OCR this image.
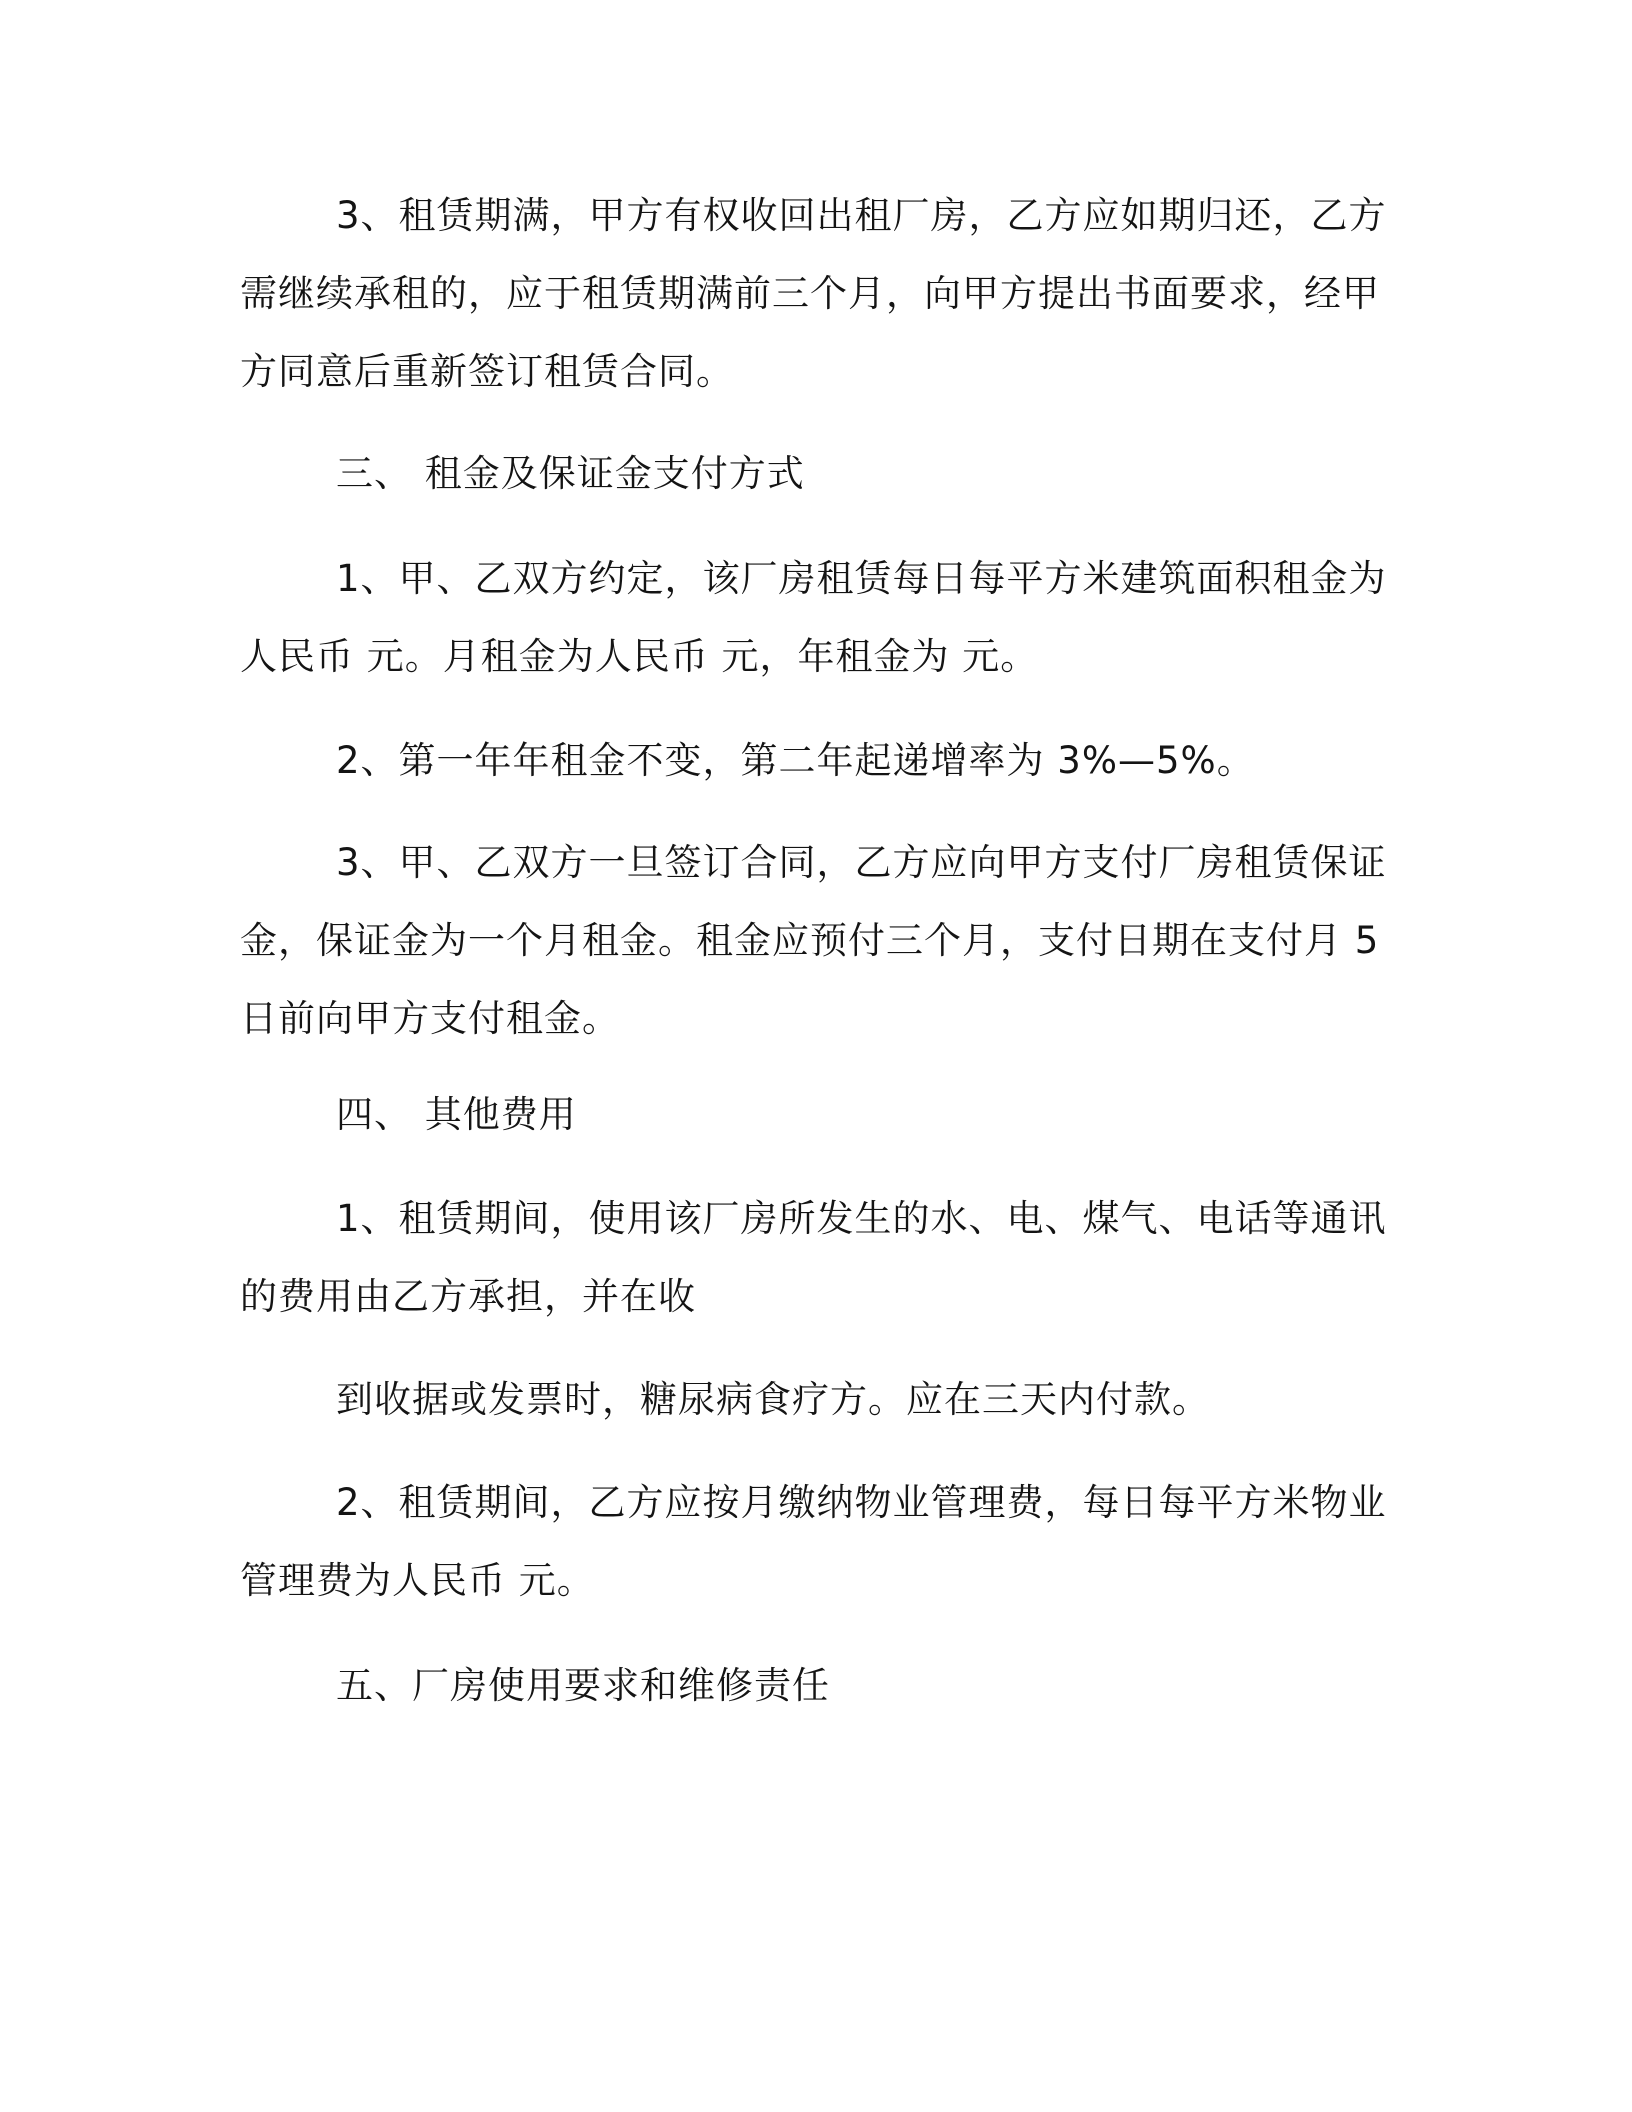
3、租赁期满，甲方有权收回出租厂房，乙方应如期归还，乙方
需继续承租的，应于租赁期满前三个月，向甲方提出书面要求，经甲
方同意后重新签订租赁合同。

三、 租金及保证金支付方式

1、甲、乙双方约定，该厂房租赁每日每平方米建筑面积租金为
人民币 元。月租金为人民币 元，年租金为 元。

2、第一年年租金不变，第二年起递增率为 3%—5%。

3、甲、乙双方一旦签订合同，乙方应向甲方支付厂房租赁保证
金，保证金为一个月租金。租金应预付三个月，支付日期在支付月 5
日前向甲方支付租金。

四、 其他费用

1、租赁期间，使用该厂房所发生的水、电、煤气、电话等通讯
的费用由乙方承担，并在收

到收据或发票时，糖尿病食疗方。应在三天内付款。

2、租赁期间，乙方应按月缴纳物业管理费，每日每平方米物业
管理费为人民币 元。

五、厂房使用要求和维修责任
